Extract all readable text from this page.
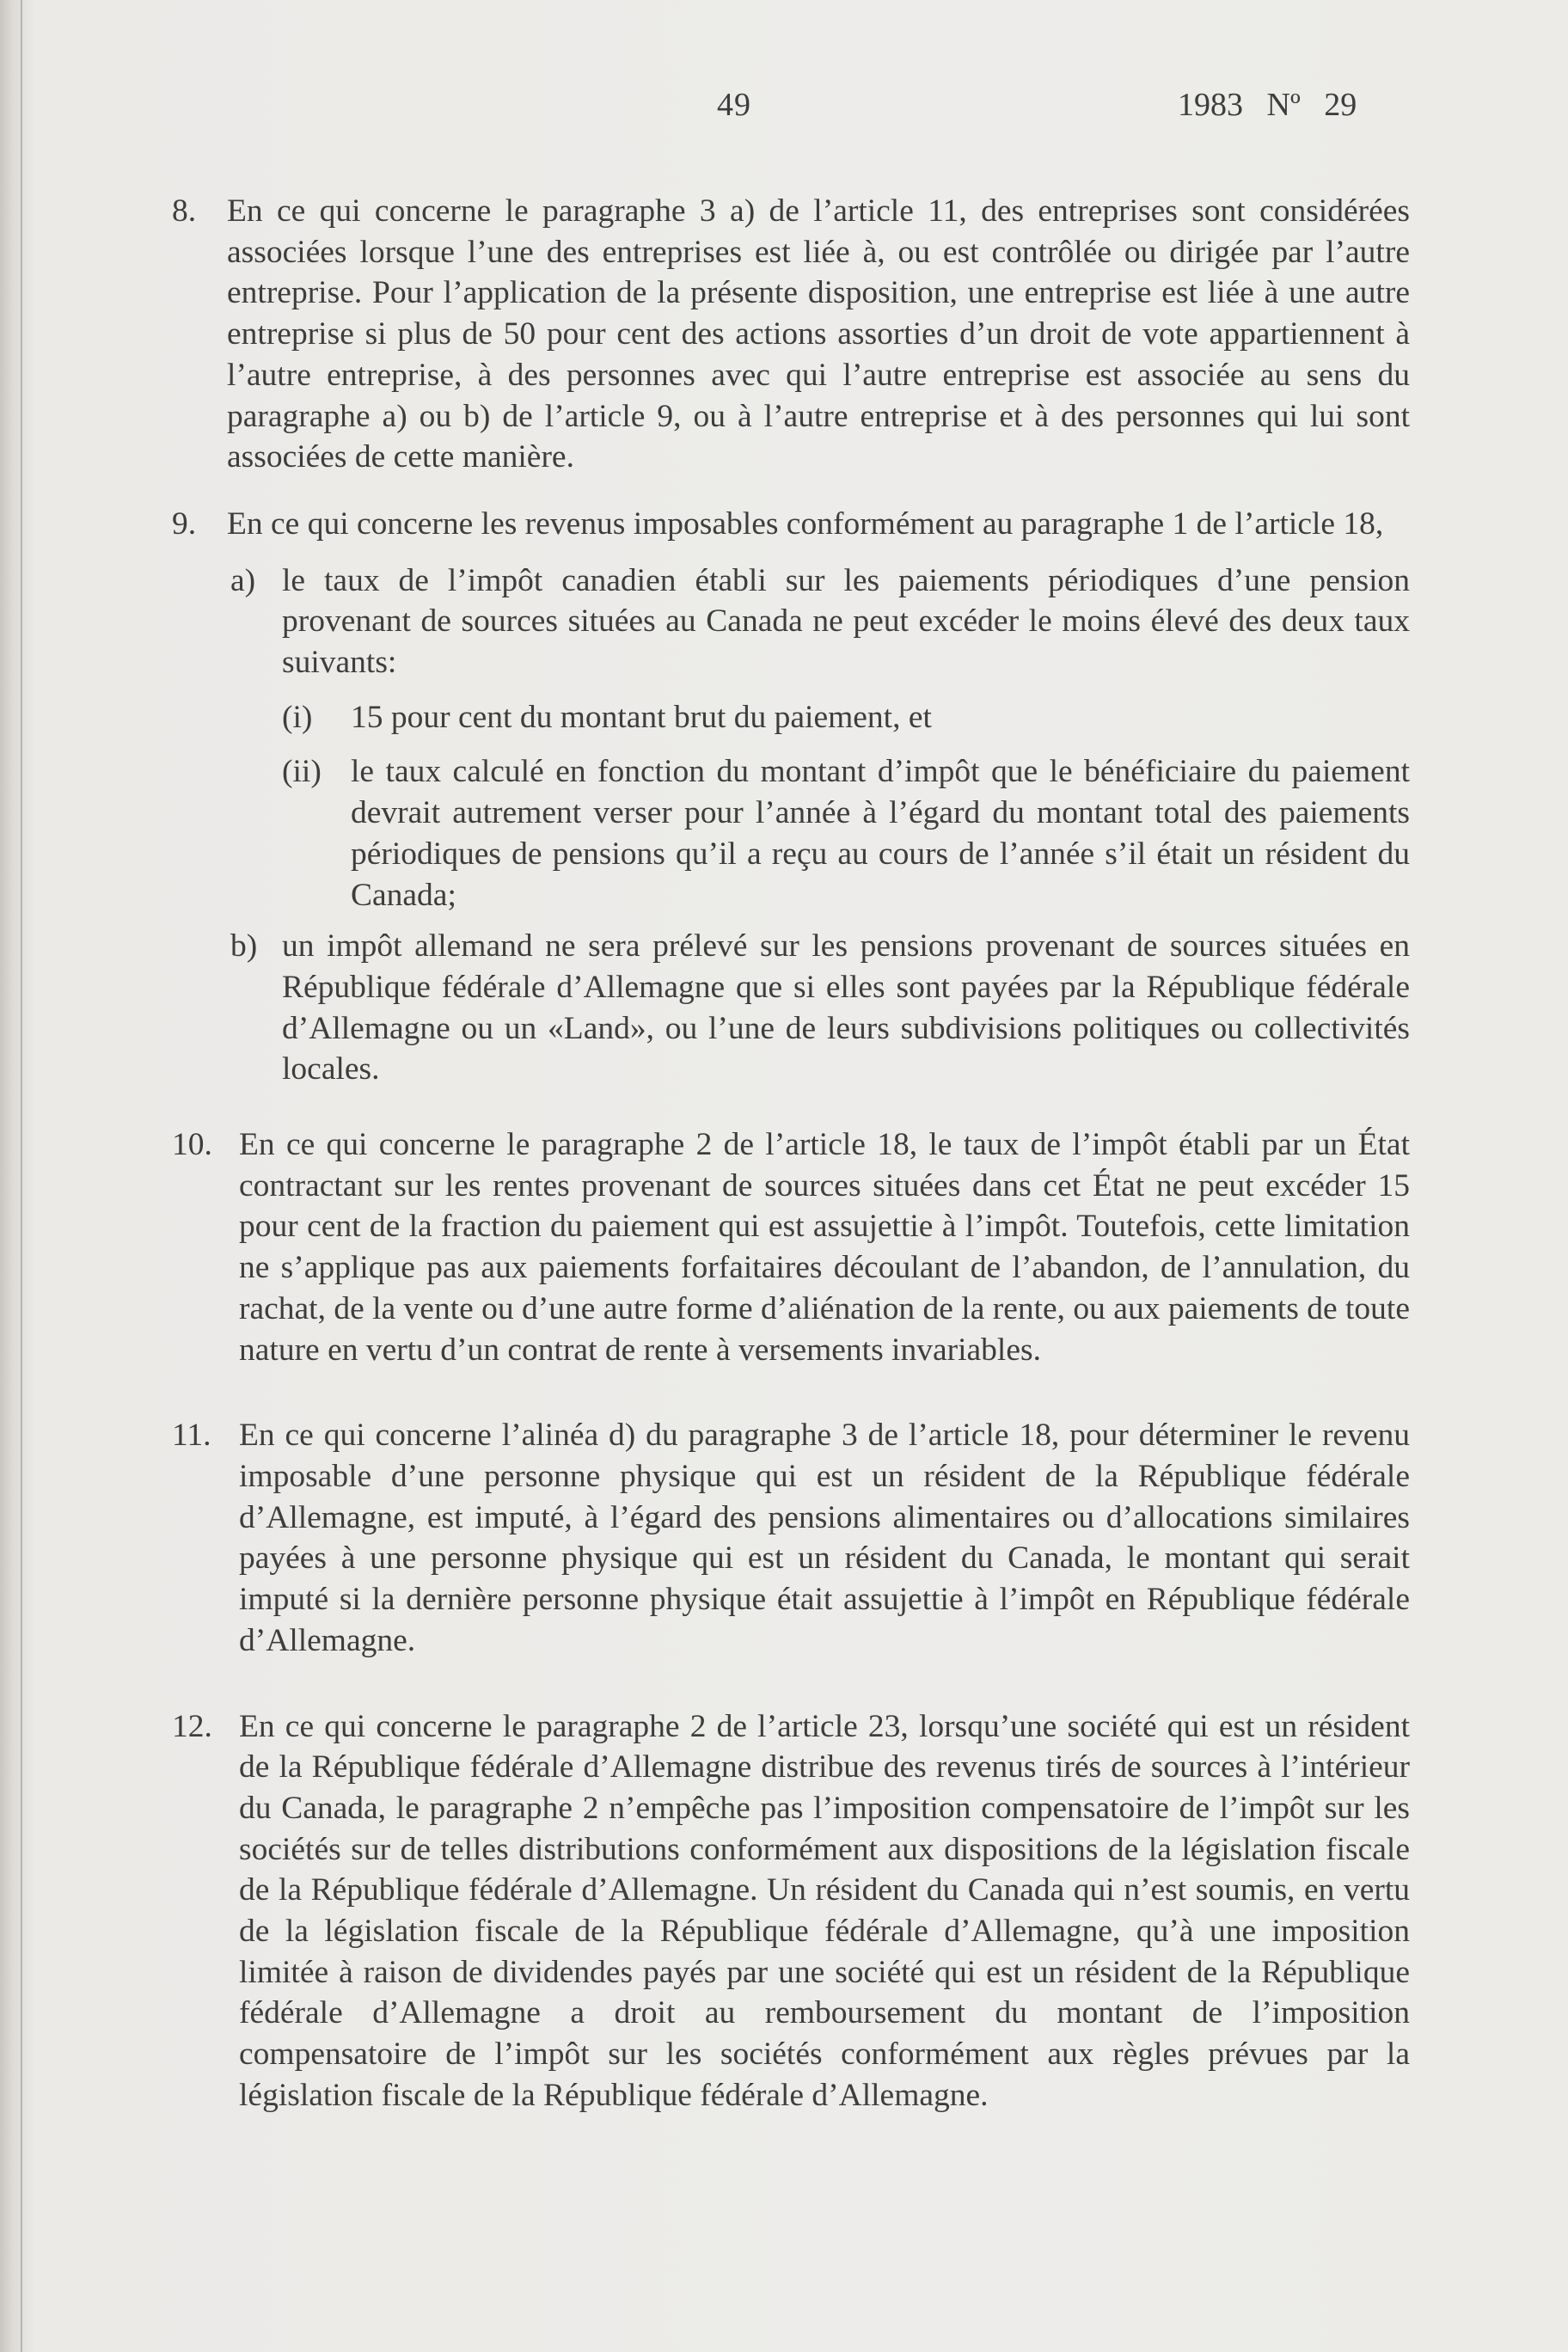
49	1983 Nº 29
8. En ce qui concerne le paragraphe 3 a) de l’article 11, des entreprises sont considérées associées lorsque l’une des entreprises est liée à, ou est contrôlée ou dirigée par l’autre entreprise. Pour l’application de la présente disposition, une entreprise est liée à une autre entreprise si plus de 50 pour cent des actions assorties d’un droit de vote appartiennent à l’autre entreprise, à des personnes avec qui l’autre entreprise est associée au sens du paragraphe a) ou b) de l’article 9, ou à l’autre entreprise et à des personnes qui lui sont associées de cette manière.

9. En ce qui concerne les revenus imposables conformément au paragraphe 1 de l’article 18,

a) le taux de l’impôt canadien établi sur les paiements périodiques d’une pension provenant de sources situées au Canada ne peut excéder le moins élevé des deux taux suivants:

(i) 15 pour cent du montant brut du paiement, et

(ii) le taux calculé en fonction du montant d’impôt que le bénéficiaire du paiement devrait autrement verser pour l’année à l’égard du montant total des paiements périodiques de pensions qu’il a reçu au cours de l’année s’il était un résident du Canada;

b) un impôt allemand ne sera prélevé sur les pensions provenant de sources situées en République fédérale d’Allemagne que si elles sont payées par la République fédérale d’Allemagne ou un «Land», ou l’une de leurs subdivisions politiques ou collectivités locales.

10. En ce qui concerne le paragraphe 2 de l’article 18, le taux de l’impôt établi par un État contractant sur les rentes provenant de sources situées dans cet État ne peut excéder 15 pour cent de la fraction du paiement qui est assujettie à l’impôt. Toutefois, cette limitation ne s’applique pas aux paiements forfaitaires découlant de l’abandon, de l’annulation, du rachat, de la vente ou d’une autre forme d’aliénation de la rente, ou aux paiements de toute nature en vertu d’un contrat de rente à versements invariables.

11. En ce qui concerne l’alinéa d) du paragraphe 3 de l’article 18, pour déterminer le revenu imposable d’une personne physique qui est un résident de la République fédérale d’Allemagne, est imputé, à l’égard des pensions alimentaires ou d’allocations similaires payées à une personne physique qui est un résident du Canada, le montant qui serait imputé si la dernière personne physique était assujettie à l’impôt en République fédérale d’Allemagne.

12. En ce qui concerne le paragraphe 2 de l’article 23, lorsqu’une société qui est un résident de la République fédérale d’Allemagne distribue des revenus tirés de sources à l’intérieur du Canada, le paragraphe 2 n’empêche pas l’imposition compensatoire de l’impôt sur les sociétés sur de telles distributions conformément aux dispositions de la législation fiscale de la République fédérale d’Allemagne. Un résident du Canada qui n’est soumis, en vertu de la législation fiscale de la République fédérale d’Allemagne, qu’à une imposition limitée à raison de dividendes payés par une société qui est un résident de la République fédérale d’Allemagne a droit au remboursement du montant de l’imposition compensatoire de l’impôt sur les sociétés conformément aux règles prévues par la législation fiscale de la République fédérale d’Allemagne.
